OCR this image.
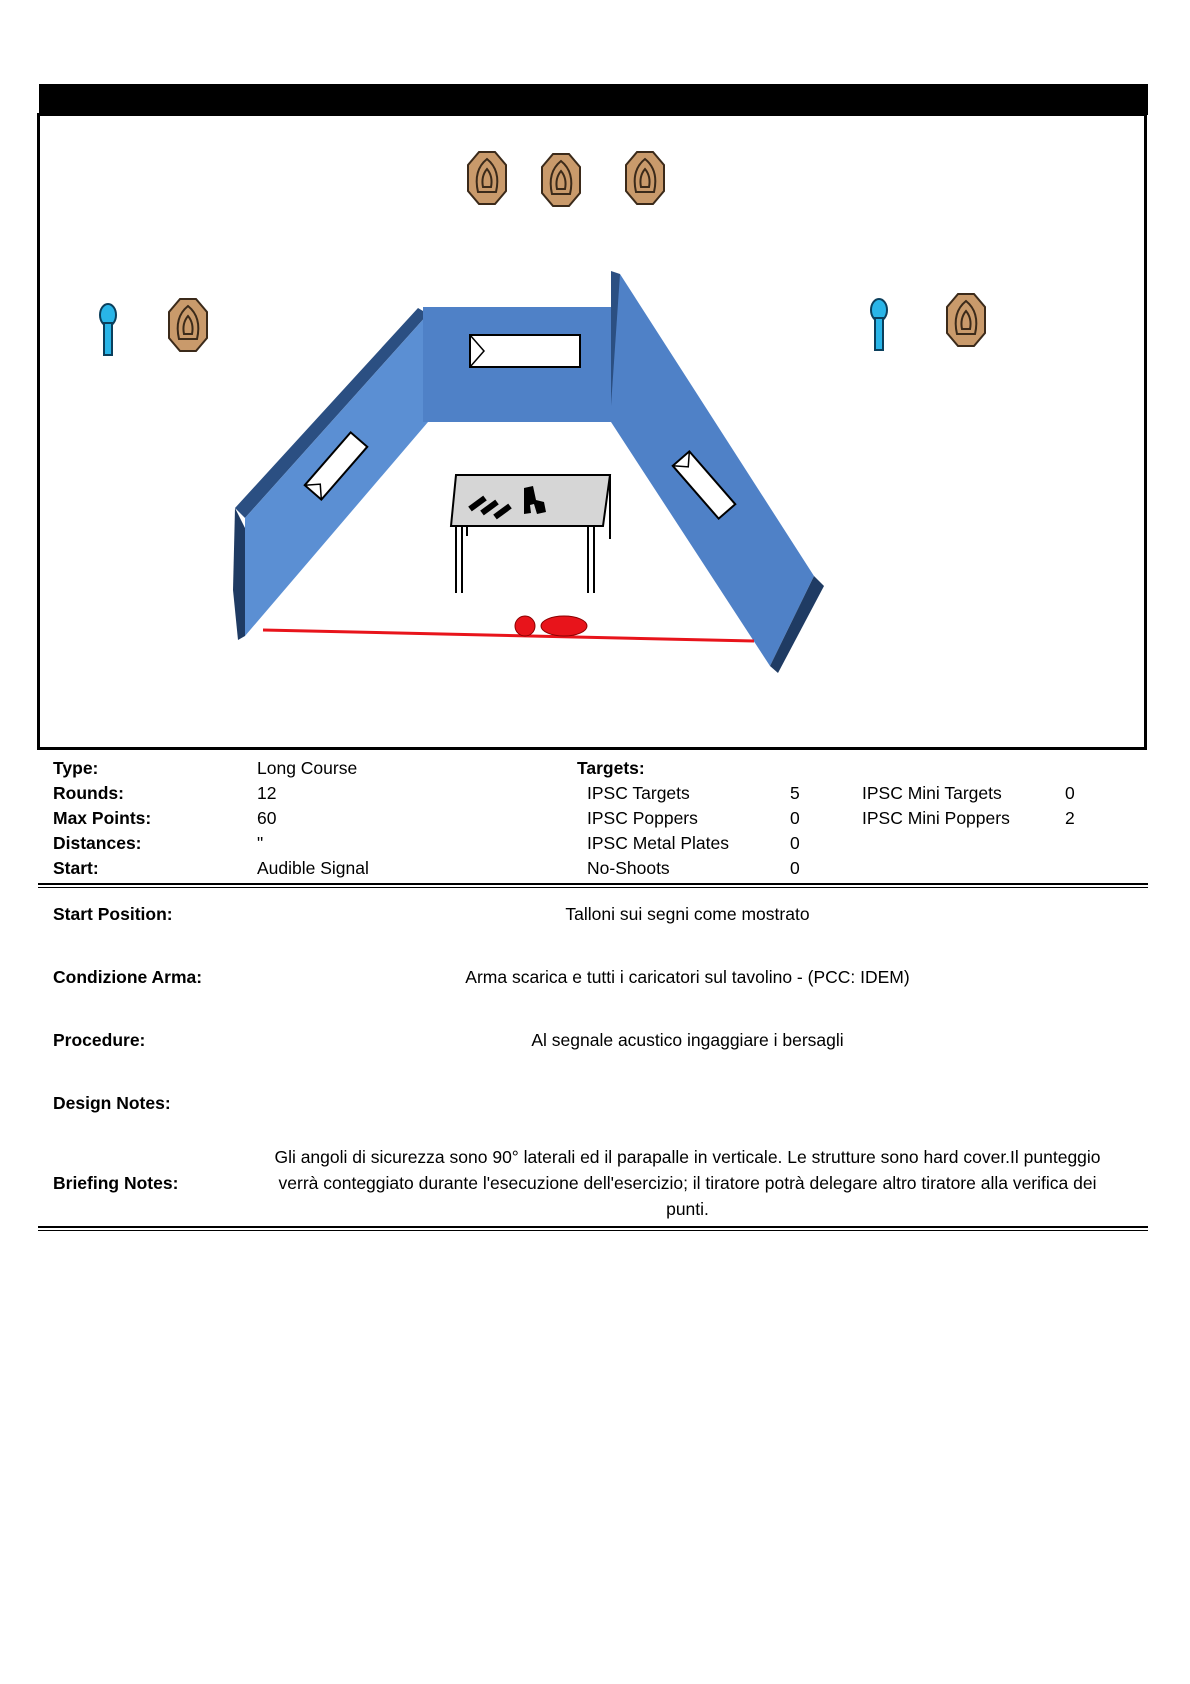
Type:	Long Course
Rounds:	12
Max Points:	60
Distances:	"
Start:	Audible Signal
Targets:
IPSC Targets	5
IPSC Poppers	0
IPSC Metal Plates	0
No-Shoots	0
IPSC Mini Targets	0
IPSC Mini Poppers	2
Start Position:	Talloni sui segni come mostrato
Condizione Arma:	Arma scarica e tutti i caricatori sul tavolino - (PCC: IDEM)
Procedure:	Al segnale acustico ingaggiare i bersagli
Design Notes:
Briefing Notes:
Gli angoli di sicurezza sono 90° laterali ed il parapalle in verticale. Le strutture sono hard cover.Il punteggio verrà conteggiato durante l'esecuzione dell'esercizio; il tiratore potrà delegare altro tiratore alla verifica dei punti.
